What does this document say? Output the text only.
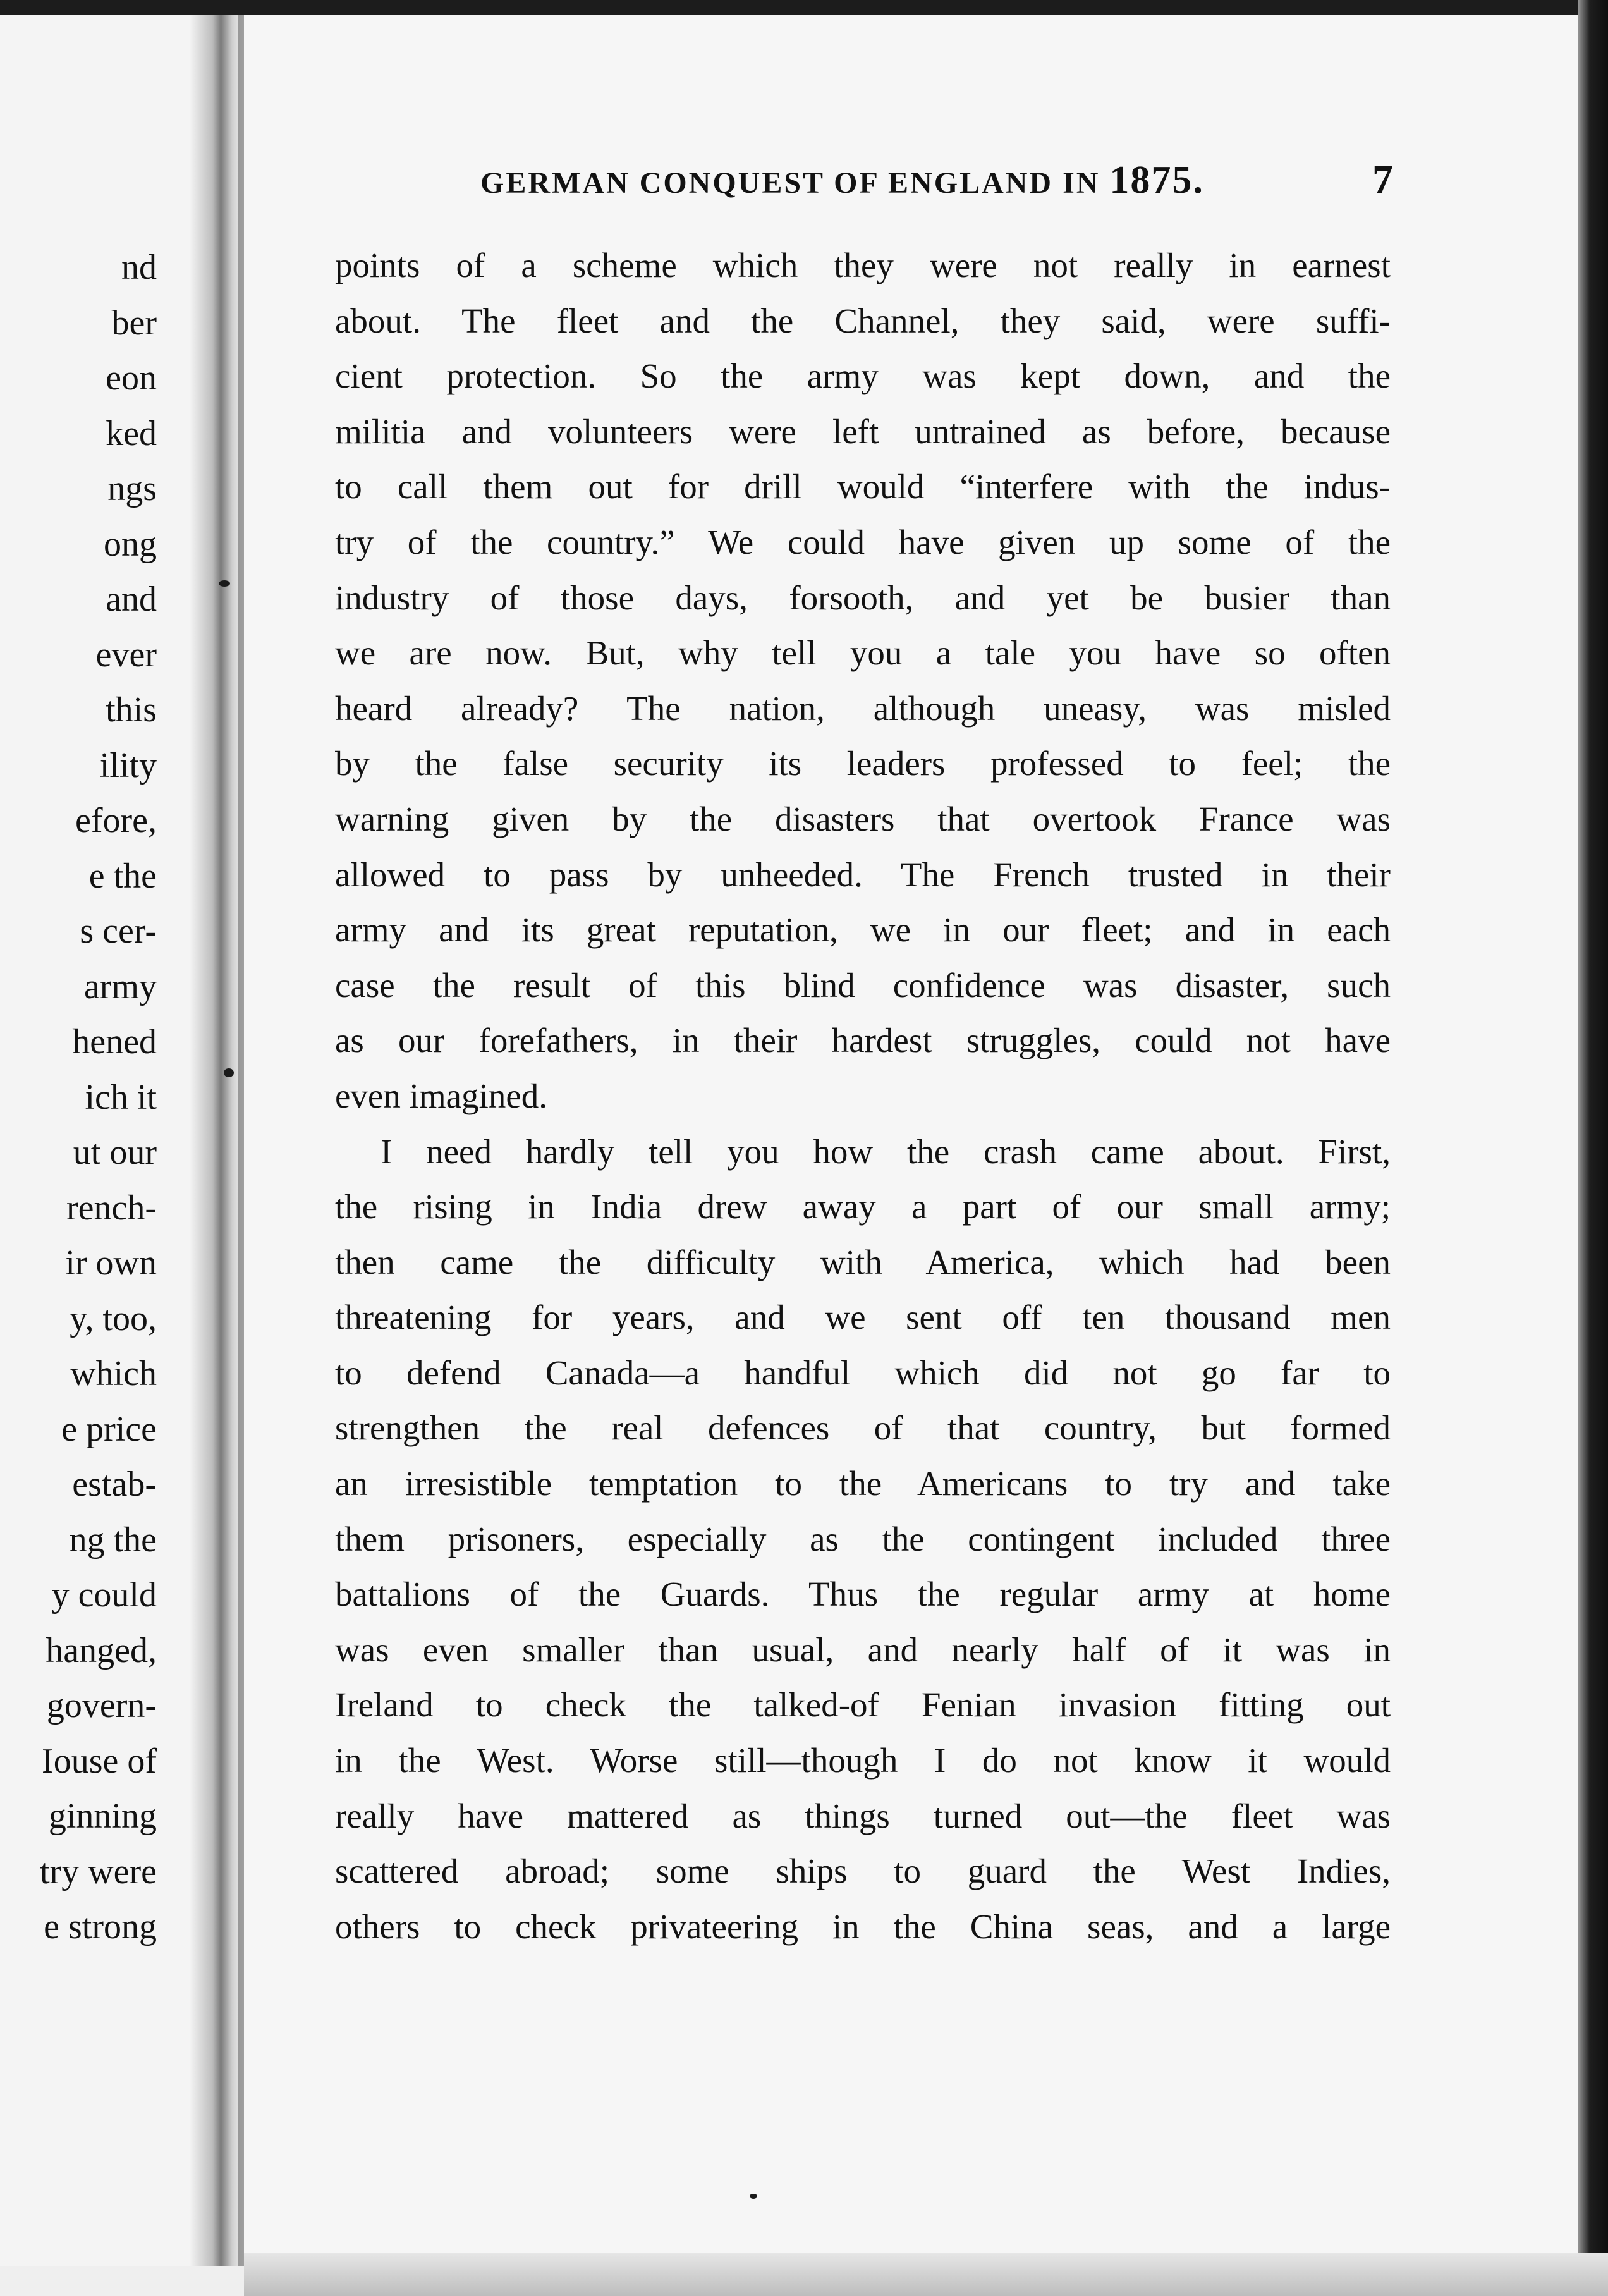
nd
ber
eon
ked
ngs
ong
and
ever
this
ility
efore,
e the
s cer-
army
hened
ich it
ut our
rench-
ir own
y, too,
which
e price
estab-
ng the
y could
hanged,
govern-
Iouse of
ginning
try were
e strong
GERMAN CONQUEST OF ENGLAND IN 1875.	7
points of a scheme which they were not really in earnest
about. The fleet and the Channel, they said, were suffi-
cient protection. So the army was kept down, and the
militia and volunteers were left untrained as before, because
to call them out for drill would “interfere with the indus-
try of the country.” We could have given up some of the
industry of those days, forsooth, and yet be busier than
we are now. But, why tell you a tale you have so often
heard already? The nation, although uneasy, was misled
by the false security its leaders professed to feel; the
warning given by the disasters that overtook France was
allowed to pass by unheeded. The French trusted in their
army and its great reputation, we in our fleet; and in each
case the result of this blind confidence was disaster, such
as our forefathers, in their hardest struggles, could not have
even imagined.
I need hardly tell you how the crash came about. First,
the rising in India drew away a part of our small army;
then came the difficulty with America, which had been
threatening for years, and we sent off ten thousand men
to defend Canada—a handful which did not go far to
strengthen the real defences of that country, but formed
an irresistible temptation to the Americans to try and take
them prisoners, especially as the contingent included three
battalions of the Guards. Thus the regular army at home
was even smaller than usual, and nearly half of it was in
Ireland to check the talked-of Fenian invasion fitting out
in the West. Worse still—though I do not know it would
really have mattered as things turned out—the fleet was
scattered abroad; some ships to guard the West Indies,
others to check privateering in the China seas, and a large
